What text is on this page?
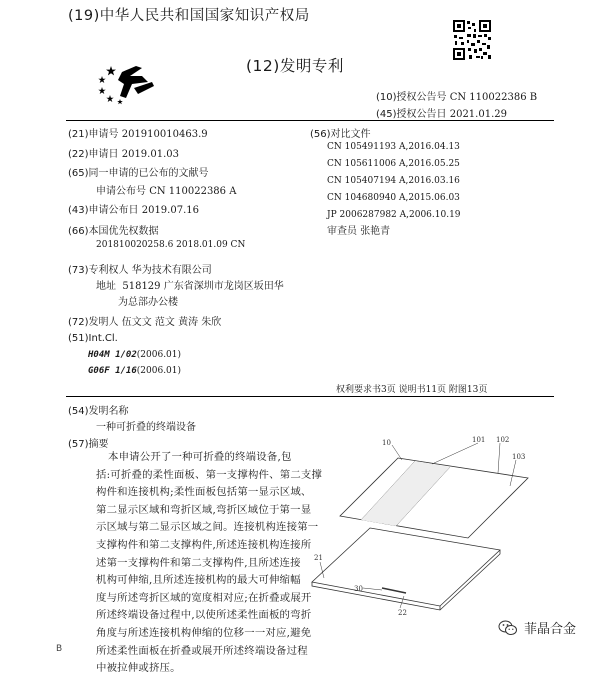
(19)中华人民共和国国家知识产权局
(12)发明专利
(10)授权公告号 CN 110022386 B
(45)授权公告日 2021.01.29
(21)申请号 201910010463.9
(22)申请日 2019.01.03
(65)同一申请的已公布的文献号
申请公布号 CN 110022386 A
(43)申请公布日 2019.07.16
(66)本国优先权数据
201810020258.6 2018.01.09 CN
(73)专利权人 华为技术有限公司
地址 518129 广东省深圳市龙岗区坂田华
为总部办公楼
(72)发明人 伍文文 范文 黄涛 朱欣
(51)Int.Cl.
H04M 1/02(2006.01)
G06F 1/16(2006.01)
(56)对比文件
CN 105491193 A,2016.04.13
CN 105611006 A,2016.05.25
CN 105407194 A,2016.03.16
CN 104680940 A,2015.06.03
JP 2006287982 A,2006.10.19
审查员 张艳青
权利要求书3页 说明书11页 附图13页
(54)发明名称
一种可折叠的终端设备
(57)摘要
本申请公开了一种可折叠的终端设备,包
括:可折叠的柔性面板、第一支撑构件、第二支撑
构件和连接机构;柔性面板包括第一显示区域、
第二显示区域和弯折区域,弯折区域位于第一显
示区域与第二显示区域之间。连接机构连接第一
支撑构件和第二支撑构件,所述连接机构连接所
述第一支撑构件和第二支撑构件,且所述连接
机构可伸缩,且所述连接机构的最大可伸缩幅
度与所述弯折区域的宽度相对应;在折叠或展开
所述终端设备过程中,以使所述柔性面板的弯折
角度与所述连接机构伸缩的位移一一对应,避免
所述柔性面板在折叠或展开所述终端设备过程
中被拉伸或挤压。
10	101 102
103
21
30
22
B
菲晶合金
